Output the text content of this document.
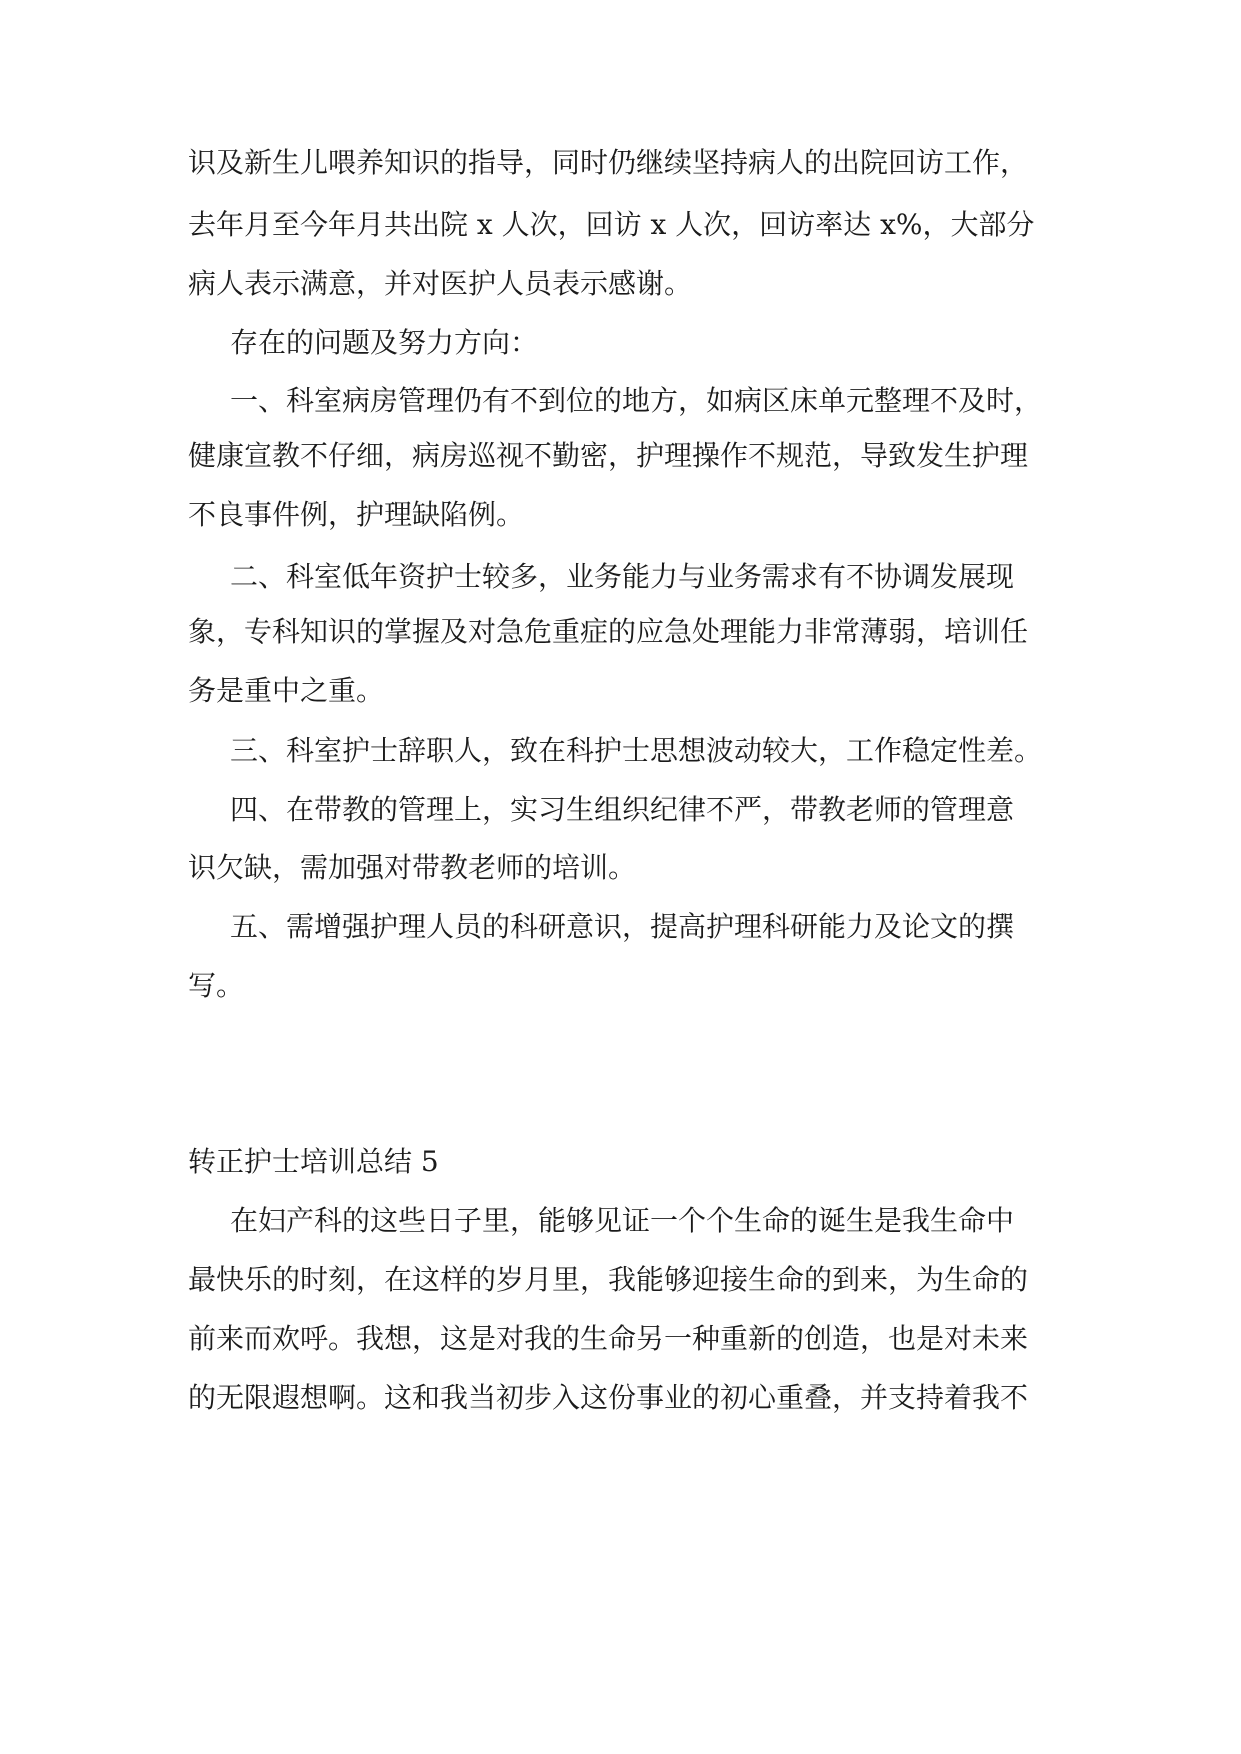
识及新生儿喂养知识的指导，同时仍继续坚持病人的出院回访工作，

去年月至今年月共出院 x 人次，回访 x 人次，回访率达 x%，大部分

病人表示满意，并对医护人员表示感谢。

存在的问题及努力方向：

一、科室病房管理仍有不到位的地方，如病区床单元整理不及时，

健康宣教不仔细，病房巡视不勤密，护理操作不规范，导致发生护理

不良事件例，护理缺陷例。

二、科室低年资护士较多，业务能力与业务需求有不协调发展现

象，专科知识的掌握及对急危重症的应急处理能力非常薄弱，培训任

务是重中之重。

三、科室护士辞职人，致在科护士思想波动较大，工作稳定性差。

四、在带教的管理上，实习生组织纪律不严，带教老师的管理意

识欠缺，需加强对带教老师的培训。

五、需增强护理人员的科研意识，提高护理科研能力及论文的撰

写。

转正护士培训总结 5

在妇产科的这些日子里，能够见证一个个生命的诞生是我生命中

最快乐的时刻，在这样的岁月里，我能够迎接生命的到来，为生命的

前来而欢呼。我想，这是对我的生命另一种重新的创造，也是对未来

的无限遐想啊。这和我当初步入这份事业的初心重叠，并支持着我不
